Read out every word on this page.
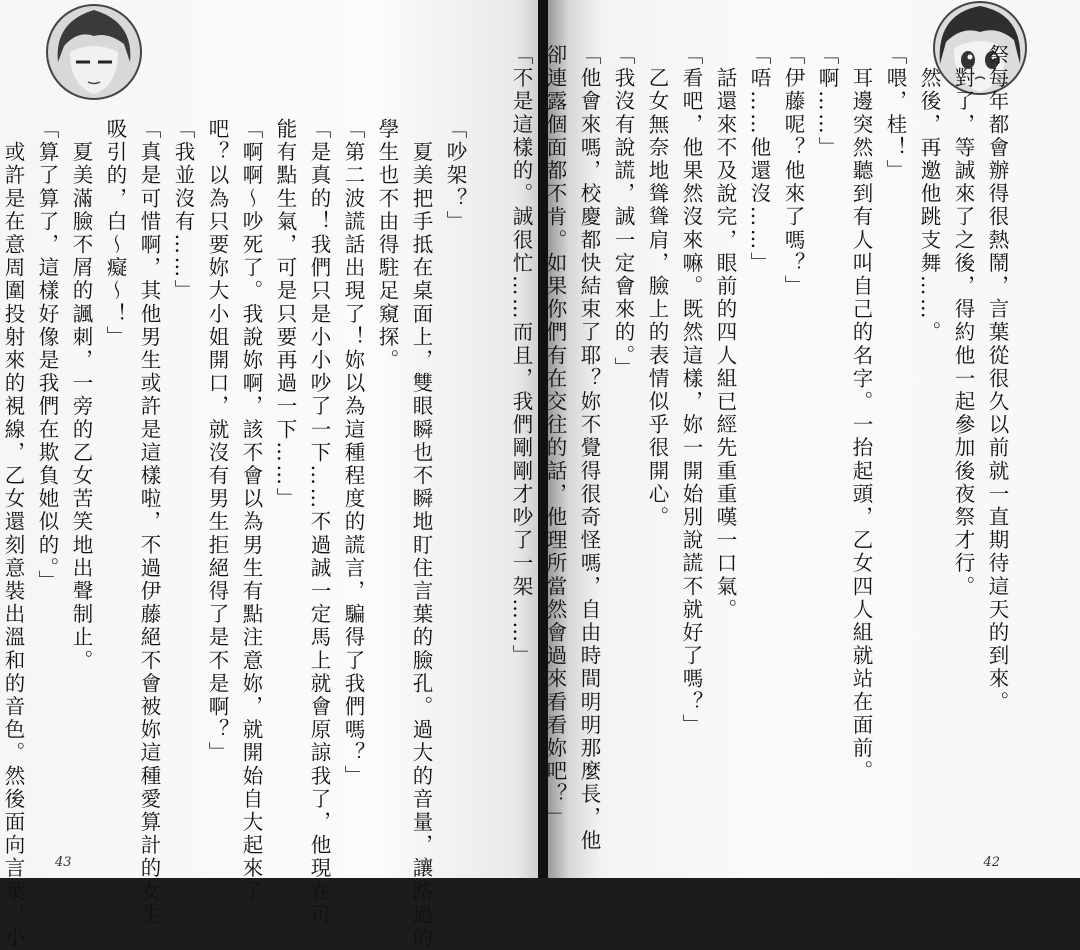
「吵架？」
　夏美把手抵在桌面上，雙眼瞬也不瞬地盯住言葉的臉孔。過大的音量，讓路過的
學生也不由得駐足窺探。
「第二波謊話出現了！妳以為這種程度的謊言，騙得了我們嗎？」
「是真的！我們只是小小吵了一下……不過誠一定馬上就會原諒我了，他現在可
能有點生氣，可是只要再過一下……」
「啊啊〜吵死了。我說妳啊，該不會以為男生有點注意妳，就開始自大起來了
吧？以為只要妳大小姐開口，就沒有男生拒絕得了是不是啊？」
「我並沒有……」
「真是可惜啊，其他男生或許是這樣啦，不過伊藤絕不會被妳這種愛算計的女生
吸引的，白〜癡〜！」
　夏美滿臉不屑的諷刺，一旁的乙女苦笑地出聲制止。
「算了算了，這樣好像是我們在欺負她似的。」
　或許是在意周圍投射來的視線，乙女還刻意裝出溫和的音色。然後面向言葉，小	43
祭每年都會辦得很熱鬧，言葉從很久以前就一直期待這天的到來。
　對了，等誠來了之後，得約他一起參加後夜祭才行。
　然後，再邀他跳支舞……。
「喂，桂！」
　耳邊突然聽到有人叫自己的名字。一抬起頭，乙女四人組就站在面前。
「啊……」
「伊藤呢？他來了嗎？」
「唔……他還沒……」
　話還來不及說完，眼前的四人組已經先重重嘆一口氣。
「看吧，他果然沒來嘛。既然這樣，妳一開始別說謊不就好了嗎？」
　乙女無奈地聳聳肩，臉上的表情似乎很開心。
「我沒有說謊，誠一定會來的。」
「他會來嗎，校慶都快結束了耶？妳不覺得很奇怪嗎，自由時間明明那麼長，他
卻連露個面都不肯。如果你們有在交往的話，他理所當然會過來看看妳吧？」
「不是這樣的。誠很忙……而且，我們剛剛才吵了一架……」
42
